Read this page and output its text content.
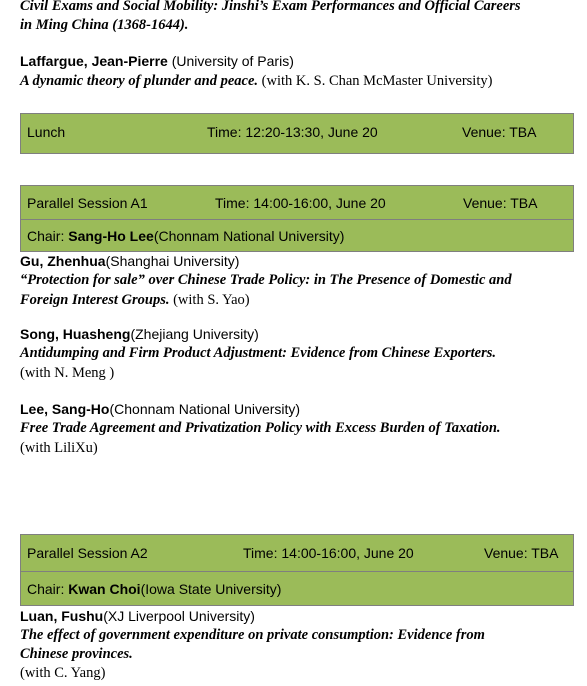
Civil Exams and Social Mobility: Jinshi’s Exam Performances and Official Careers
in Ming China (1368-1644).
Laffargue, Jean-Pierre (University of Paris)
A dynamic theory of plunder and peace. (with K. S. Chan McMaster University)
Lunch	Time: 12:20-13:30, June 20	Venue: TBA
Parallel Session A1	Time: 14:00-16:00, June 20	Venue: TBA
Chair: Sang-Ho Lee(Chonnam National University)
Gu, Zhenhua(Shanghai University)
“Protection for sale” over Chinese Trade Policy: in The Presence of Domestic and
Foreign Interest Groups. (with S. Yao)
Song, Huasheng(Zhejiang University)
Antidumping and Firm Product Adjustment: Evidence from Chinese Exporters.
(with N. Meng )
Lee, Sang-Ho(Chonnam National University)
Free Trade Agreement and Privatization Policy with Excess Burden of Taxation.
(with LiliXu)
Parallel Session A2	Time: 14:00-16:00, June 20	Venue: TBA
Chair: Kwan Choi(Iowa State University)
Luan, Fushu(XJ Liverpool University)
The effect of government expenditure on private consumption: Evidence from
Chinese provinces.
(with C. Yang)
